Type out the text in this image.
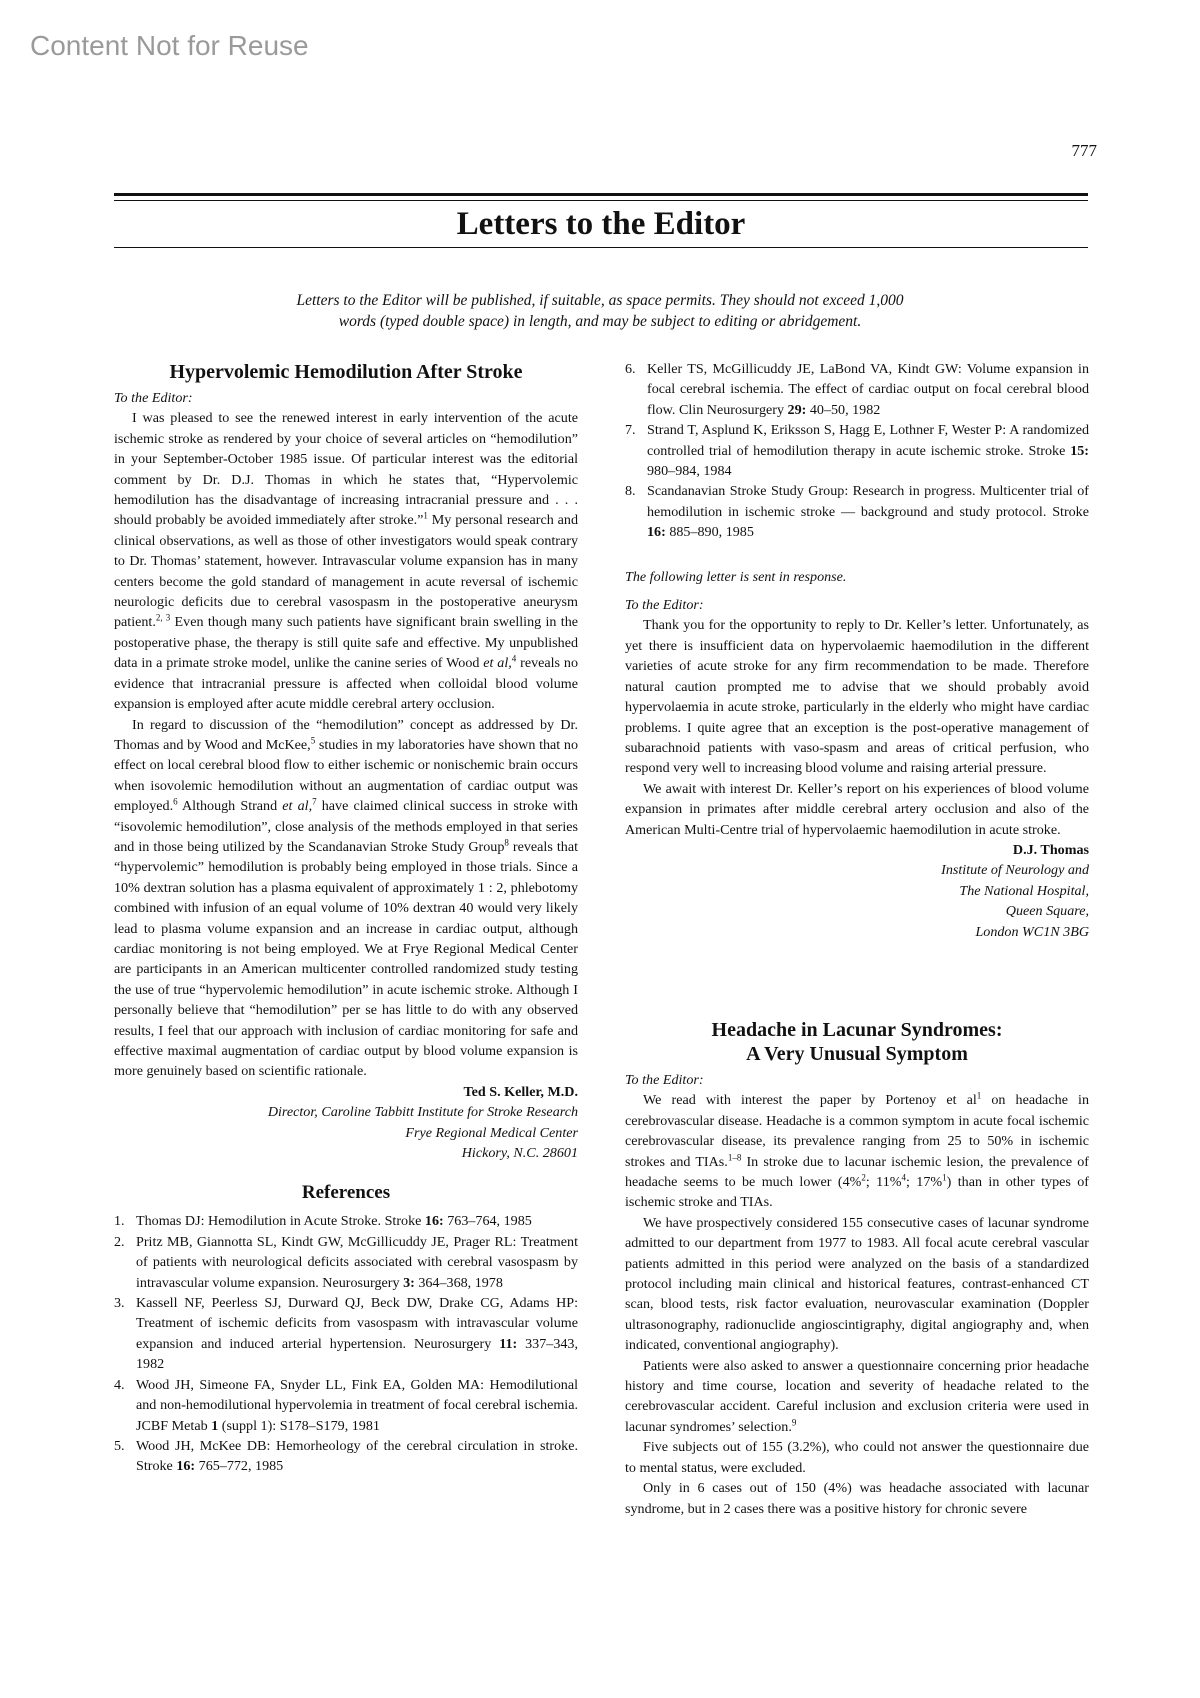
Content Not for Reuse
777
Letters to the Editor
Letters to the Editor will be published, if suitable, as space permits. They should not exceed 1,000
words (typed double space) in length, and may be subject to editing or abridgement.
Hypervolemic Hemodilution After Stroke

To the Editor:

I was pleased to see the renewed interest in early intervention of the acute ischemic stroke as rendered by your choice of several articles on “hemodilution” in your September-October 1985 issue. Of particular interest was the editorial comment by Dr. D.J. Thomas in which he states that, “Hypervolemic hemodilution has the disadvantage of increasing intracranial pressure and . . . should probably be avoided immediately after stroke.”$^1$ My personal research and clinical observations, as well as those of other investigators would speak contrary to Dr. Thomas’ statement, however. Intravascular volume expansion has in many centers become the gold standard of management in acute reversal of ischemic neurologic deficits due to cerebral vasospasm in the postoperative aneurysm patient.$^{2, 3}$ Even though many such patients have significant brain swelling in the postoperative phase, the therapy is still quite safe and effective. My unpublished data in a primate stroke model, unlike the canine series of Wood et al,$^4$ reveals no evidence that intracranial pressure is affected when colloidal blood volume expansion is employed after acute middle cerebral artery occlusion.

In regard to discussion of the “hemodilution” concept as addressed by Dr. Thomas and by Wood and McKee,$^5$ studies in my laboratories have shown that no effect on local cerebral blood flow to either ischemic or nonischemic brain occurs when isovolemic hemodilution without an augmentation of cardiac output was employed.$^6$ Although Strand et al,$^7$ have claimed clinical success in stroke with “isovolemic hemodilution”, close analysis of the methods employed in that series and in those being utilized by the Scandanavian Stroke Study Group$^8$ reveals that “hypervolemic” hemodilution is probably being employed in those trials. Since a 10% dextran solution has a plasma equivalent of approximately 1 : 2, phlebotomy combined with infusion of an equal volume of 10% dextran 40 would very likely lead to plasma volume expansion and an increase in cardiac output, although cardiac monitoring is not being employed. We at Frye Regional Medical Center are participants in an American multicenter controlled randomized study testing the use of true “hypervolemic hemodilution” in acute ischemic stroke. Although I personally believe that “hemodilution” per se has little to do with any observed results, I feel that our approach with inclusion of cardiac monitoring for safe and effective maximal augmentation of cardiac output by blood volume expansion is more genuinely based on scientific rationale.

Ted S. Keller, M.D.

Director, Caroline Tabbitt Institute for Stroke Research

Frye Regional Medical Center

Hickory, N.C. 28601

References
1. Thomas DJ: Hemodilution in Acute Stroke. Stroke 16: 763–764, 1985
2. Pritz MB, Giannotta SL, Kindt GW, McGillicuddy JE, Prager RL: Treatment of patients with neurological deficits associated with cerebral vasospasm by intravascular volume expansion. Neurosurgery 3: 364–368, 1978
3. Kassell NF, Peerless SJ, Durward QJ, Beck DW, Drake CG, Adams HP: Treatment of ischemic deficits from vasospasm with intravascular volume expansion and induced arterial hypertension. Neurosurgery 11: 337–343, 1982
4. Wood JH, Simeone FA, Snyder LL, Fink EA, Golden MA: Hemodilutional and non-hemodilutional hypervolemia in treatment of focal cerebral ischemia. JCBF Metab 1 (suppl 1): S178–S179, 1981
5. Wood JH, McKee DB: Hemorheology of the cerebral circulation in stroke. Stroke 16: 765–772, 1985
6. Keller TS, McGillicuddy JE, LaBond VA, Kindt GW: Volume expansion in focal cerebral ischemia. The effect of cardiac output on focal cerebral blood flow. Clin Neurosurgery 29: 40–50, 1982
7. Strand T, Asplund K, Eriksson S, Hagg E, Lothner F, Wester P: A randomized controlled trial of hemodilution therapy in acute ischemic stroke. Stroke 15: 980–984, 1984
8. Scandanavian Stroke Study Group: Research in progress. Multicenter trial of hemodilution in ischemic stroke — background and study protocol. Stroke 16: 885–890, 1985

The following letter is sent in response.

To the Editor:

Thank you for the opportunity to reply to Dr. Keller’s letter. Unfortunately, as yet there is insufficient data on hypervolaemic haemodilution in the different varieties of acute stroke for any firm recommendation to be made. Therefore natural caution prompted me to advise that we should probably avoid hypervolaemia in acute stroke, particularly in the elderly who might have cardiac problems. I quite agree that an exception is the post-operative management of subarachnoid patients with vaso-spasm and areas of critical perfusion, who respond very well to increasing blood volume and raising arterial pressure.

We await with interest Dr. Keller’s report on his experiences of blood volume expansion in primates after middle cerebral artery occlusion and also of the American Multi-Centre trial of hypervolaemic haemodilution in acute stroke.

D.J. Thomas

Institute of Neurology and

The National Hospital,

Queen Square,

London WC1N 3BG

Headache in Lacunar Syndromes:
A Very Unusual Symptom

To the Editor:

We read with interest the paper by Portenoy et $al^1$ on headache in cerebrovascular disease. Headache is a common symptom in acute focal ischemic cerebrovascular disease, its prevalence ranging from 25 to 50% in ischemic strokes and TIAs.$^{1-8}$ In stroke due to lacunar ischemic lesion, the prevalence of headache seems to be much lower (4%$^2$; 11%$^4$; 17%$^1$) than in other types of ischemic stroke and TIAs.

We have prospectively considered 155 consecutive cases of lacunar syndrome admitted to our department from 1977 to 1983. All focal acute cerebral vascular patients admitted in this period were analyzed on the basis of a standardized protocol including main clinical and historical features, contrast-enhanced CT scan, blood tests, risk factor evaluation, neurovascular examination (Doppler ultrasonography, radionuclide angioscintigraphy, digital angiography and, when indicated, conventional angiography).

Patients were also asked to answer a questionnaire concerning prior headache history and time course, location and severity of headache related to the cerebrovascular accident. Careful inclusion and exclusion criteria were used in lacunar syndromes’ selection.$^9$

Five subjects out of 155 (3.2%), who could not answer the questionnaire due to mental status, were excluded.

Only in 6 cases out of 150 (4%) was headache associated with lacunar syndrome, but in 2 cases there was a positive history for chronic severe
